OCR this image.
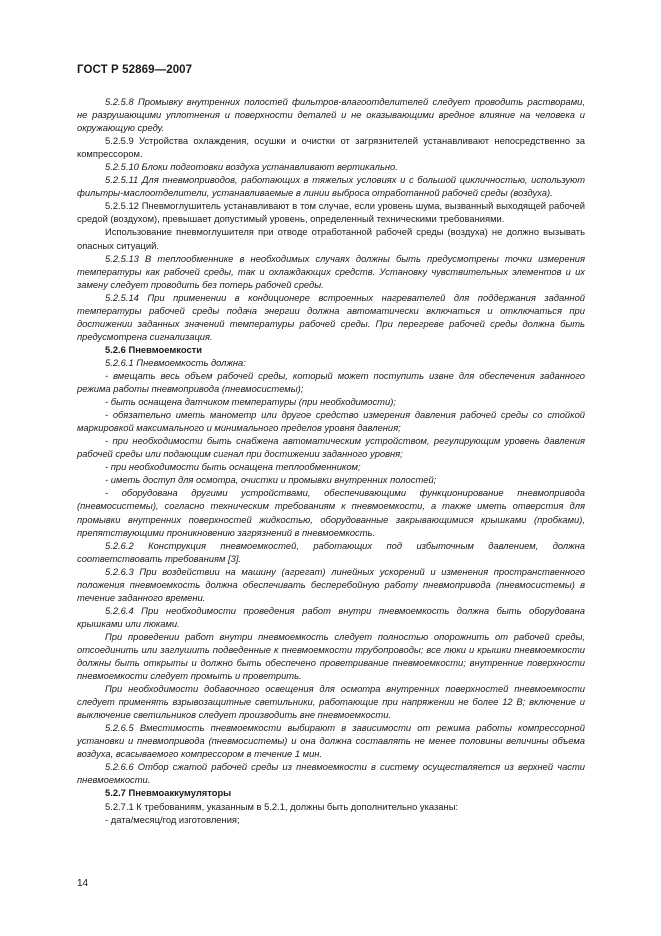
ГОСТ Р 52869—2007

5.2.5.8 Промывку внутренних полостей фильтров-влагоотделителей следует проводить растворами, не разрушающими уплотнения и поверхности деталей и не оказывающими вредное влияние на человека и окружающую среду.

5.2.5.9 Устройства охлаждения, осушки и очистки от загрязнителей устанавливают непосредственно за компрессором.

5.2.5.10 Блоки подготовки воздуха устанавливают вертикально.

5.2.5.11 Для пневмоприводов, работающих в тяжелых условиях и с большой цикличностью, используют фильтры-маслоотделители, устанавливаемые в линии выброса отработанной рабочей среды (воздуха).

5.2.5.12 Пневмоглушитель устанавливают в том случае, если уровень шума, вызванный выходящей рабочей средой (воздухом), превышает допустимый уровень, определенный техническими требованиями.

Использование пневмоглушителя при отводе отработанной рабочей среды (воздуха) не должно вызывать опасных ситуаций.

5.2.5.13 В теплообменнике в необходимых случаях должны быть предусмотрены точки измерения температуры как рабочей среды, так и охлаждающих средств. Установку чувствительных элементов и их замену следует проводить без потерь рабочей среды.

5.2.5.14 При применении в кондиционере встроенных нагревателей для поддержания заданной температуры рабочей среды подача энергии должна автоматически включаться и отключаться при достижении заданных значений температуры рабочей среды. При перегреве рабочей среды должна быть предусмотрена сигнализация.

5.2.6 Пневмоемкости

5.2.6.1 Пневмоемкость должна:

- вмещать весь объем рабочей среды, который может поступить извне для обеспечения заданного режима работы пневмопривода (пневмосистемы);

- быть оснащена датчиком температуры (при необходимости);

- обязательно иметь манометр или другое средство измерения давления рабочей среды со стойкой маркировкой максимального и минимального пределов уровня давления;

- при необходимости быть снабжена автоматическим устройством, регулирующим уровень давления рабочей среды или подающим сигнал при достижении заданного уровня;

- при необходимости быть оснащена теплообменником;

- иметь доступ для осмотра, очистки и промывки внутренних полостей;

- оборудована другими устройствами, обеспечивающими функционирование пневмопривода (пневмосистемы), согласно техническим требованиям к пневмоемкости, а также иметь отверстия для промывки внутренних поверхностей жидкостью, оборудованные закрывающимися крышками (пробками), препятствующими проникновению загрязнений в пневмоемкость.

5.2.6.2 Конструкция пневмоемкостей, работающих под избыточным давлением, должна соответствовать требованиям [3].

5.2.6.3 При воздействии на машину (агрегат) линейных ускорений и изменения пространственного положения пневмоемкость должна обеспечивать бесперебойную работу пневмопривода (пневмосистемы) в течение заданного времени.

5.2.6.4 При необходимости проведения работ внутри пневмоемкость должна быть оборудована крышками или люками.

При проведении работ внутри пневмоемкость следует полностью опорожнить от рабочей среды, отсоединить или заглушить подведенные к пневмоемкости трубопроводы; все люки и крышки пневмоемкости должны быть открыты и должно быть обеспечено проветривание пневмоемкости; внутренние поверхности пневмоемкости следует промыть и проветрить.

При необходимости добавочного освещения для осмотра внутренних поверхностей пневмоемкости следует применять взрывозащитные светильники, работающие при напряжении не более 12 В; включение и выключение светильников следует производить вне пневмоемкости.

5.2.6.5 Вместимость пневмоемкости выбирают в зависимости от режима работы компрессорной установки и пневмопривода (пневмосистемы) и она должна составлять не менее половины величины объема воздуха, всасываемого компрессором в течение 1 мин.

5.2.6.6 Отбор сжатой рабочей среды из пневмоемкости в систему осуществляется из верхней части пневмоемкости.

5.2.7 Пневмоаккумуляторы

5.2.7.1 К требованиям, указанным в 5.2.1, должны быть дополнительно указаны:

- дата/месяц/год изготовления;

14
